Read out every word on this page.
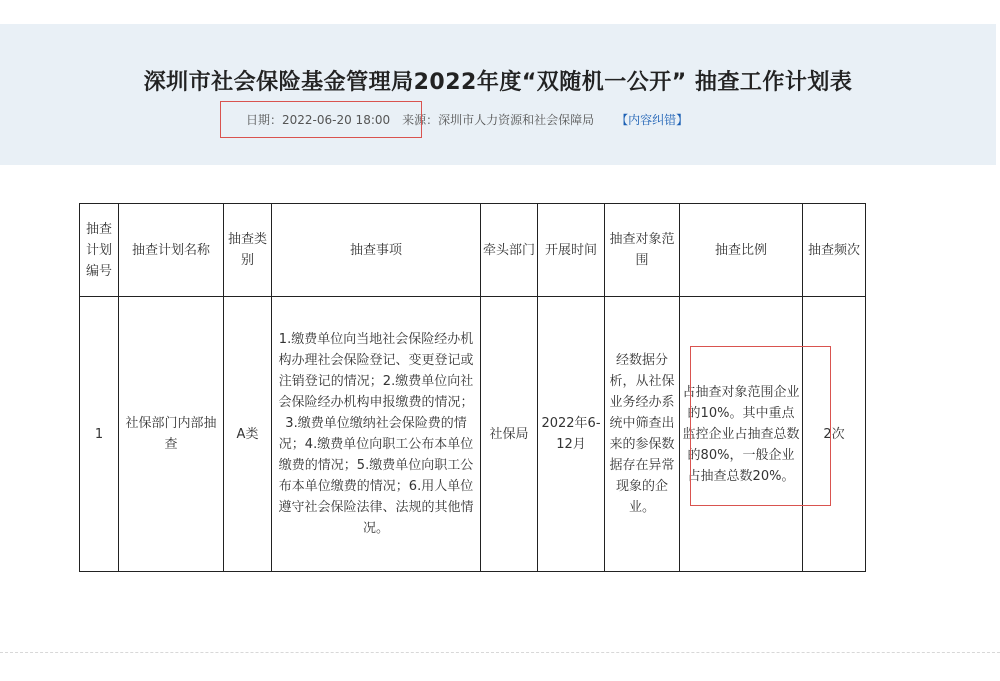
深圳市社会保险基金管理局2022年度“双随机一公开” 抽查工作计划表
日期：2022-06-20 18:00 来源：深圳市人力资源和社会保障局 【内容纠错】
抽查计划编号	抽查计划名称	抽查类别	抽查事项	牵头部门	开展时间	抽查对象范围	抽查比例	抽查频次
1	社保部门内部抽查	A类	1.缴费单位向当地社会保险经办机构办理社会保险登记、变更登记或注销登记的情况；2.缴费单位向社会保险经办机构申报缴费的情况；3.缴费单位缴纳社会保险费的情况；4.缴费单位向职工公布本单位缴费的情况；5.缴费单位向职工公布本单位缴费的情况；6.用人单位遵守社会保险法律、法规的其他情况。	社保局	2022年6-12月	经数据分析，从社保业务经办系统中筛查出来的参保数据存在异常现象的企业。	占抽查对象范围企业的10%。其中重点监控企业占抽查总数的80%，一般企业占抽查总数20%。	2次
